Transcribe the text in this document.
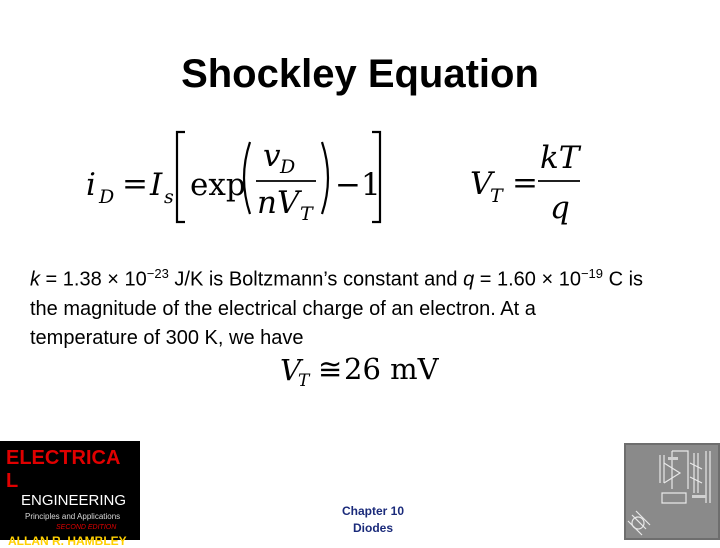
Shockley Equation
i D = I s exp
v D
nV T
−1	V
T =
kT
q
$k = 1.38 \times 10^{-23}$ J/K is Boltzmann’s constant and $q = 1.60 \times 10^{-19}$ C is the magnitude of the electrical charge of an electron. At a
temperature of 300 K, we have
V
T ≅ 26 mV
ELECTRICA
L
ENGINEERING
Principles and Applications
SECOND EDITION
ALLAN R. HAMBLEY
Chapter 10
Diodes
